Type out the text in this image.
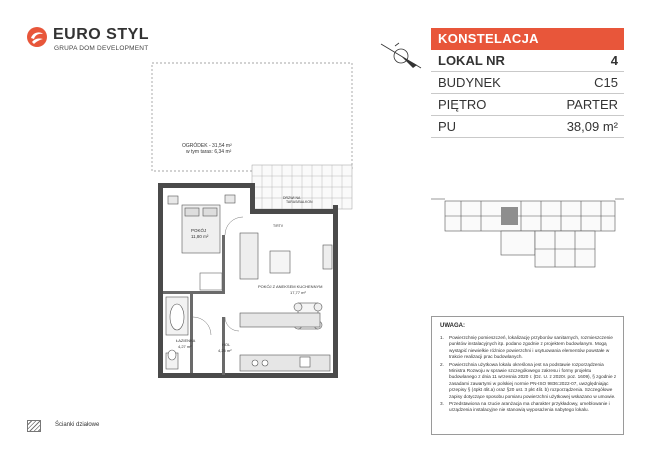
EURO STYL
GRUPA DOM DEVELOPMENT
OGRÓDEK - 31,54 m²
w tym taras: 6,34 m²
DRZWI NA
TARAS/BALKON
POKÓJ
11,80 m²
T/RTV
POKÓJ Z ANEKSEM KUCHENNYM
17,77 m²
ŁAZIENKA
4,27 m²	HOL
4,25 m²
KONSTELACJA
LOKAL NR	4
BUDYNEK	C15
PIĘTRO	PARTER
PU	38,09 m²
UWAGA:
1. Powierzchnię pomieszczeń, lokalizację przyborów sanitarnych, rozmieszczenie punktów instalacyjnych itp. podano zgodnie z projektem budowlanym. Mogą wystąpić niewielkie różnice powierzchni i usytuowania elementów powstałe w trakcie realizacji prac budowlanych.
2. Powierzchnia użytkowa lokalu określona jest na podstawie rozporządzenia Ministra Rozwoju w sprawie szczegółowego zakresu i formy projektu budowlanego z dnia 11 wrzesnia 2020 r. (Dz. U. z 2020r. poz. 1609), § zgodnie z zasadami zawartymi w polskiej normie PN-ISO 9836:2022-07, uwzględniając przepisy § (4pkt 4lit.a) oraz §20 ust. 3 pkt 4lit. b) rozporządzenia. Szczegółowe zapisy dotyczące sposobu pomiaru powierzchni użytkowej wskazano w umowie.
3. Przedstawiona na rzucie aranżacja ma charakter przykładowy, umeblowanie i urządzenia instalacyjne nie stanowią wyposażenia nabytego lokalu.
Ścianki działowe
